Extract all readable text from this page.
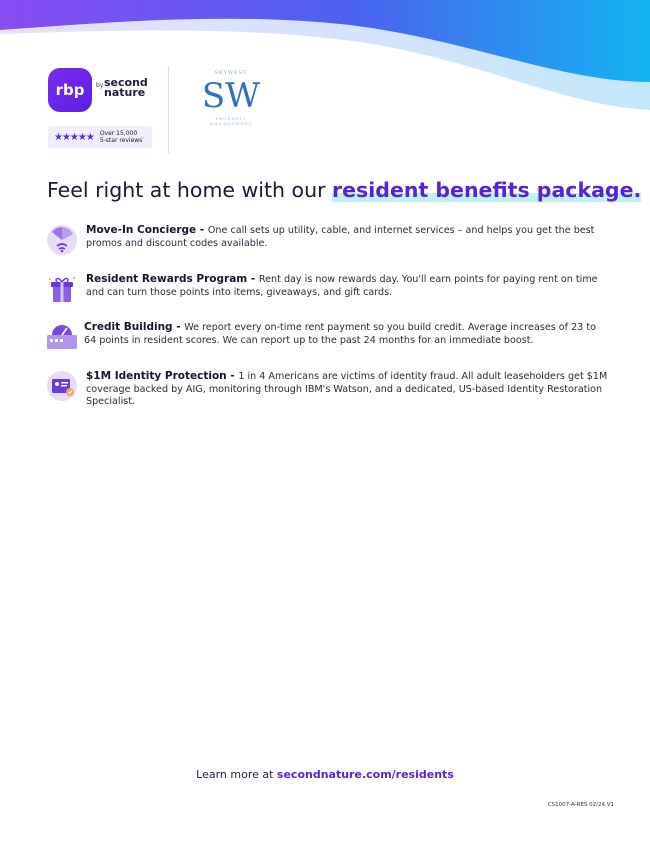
rbp	by second nature
★★★★★ Over 15,000
5-star reviews
SKYWEST
SW
PROPERTY MANAGEMENT
Feel right at home with our resident benefits package.
Move-In Concierge - One call sets up utility, cable, and internet services – and helps you get the best promos and discount codes available.
Resident Rewards Program - Rent day is now rewards day. You'll earn points for paying rent on time and can turn those points into items, giveaways, and gift cards.
Credit Building - We report every on-time rent payment so you build credit. Average increases of 23 to 64 points in resident scores. We can report up to the past 24 months for an immediate boost.
$1M Identity Protection - 1 in 4 Americans are victims of identity fraud. All adult leaseholders get $1M coverage backed by AIG, monitoring through IBM's Watson, and a dedicated, US-based Identity Restoration Specialist.
Learn more at secondnature.com/residents
CS1007-A-RES 02/24 V1
